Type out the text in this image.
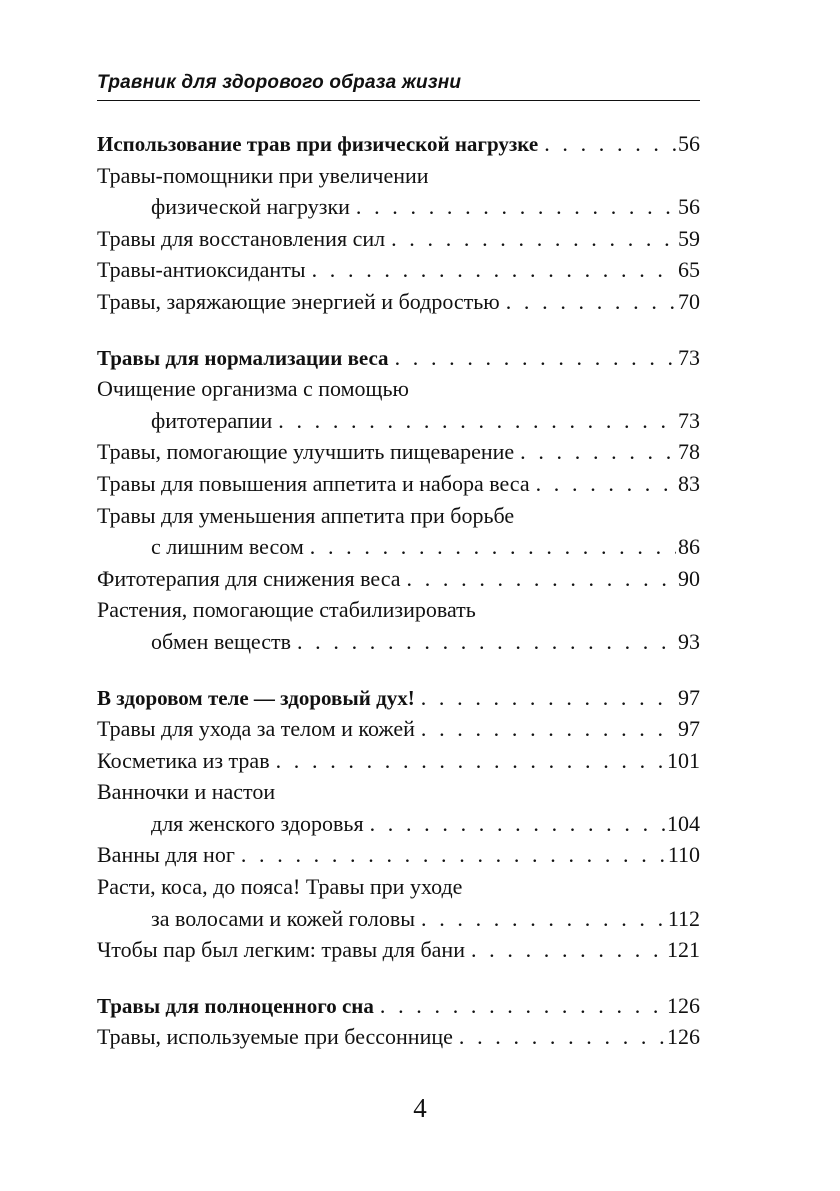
Травник для здорового образа жизни
Использование трав при физической нагрузке . . .	56
Травы-помощники при увеличении
физической нагрузки . . .	56
Травы для восстановления сил . . .	59
Травы-антиоксиданты . . .	65
Травы, заряжающие энергией и бодростью . . .	70
Травы для нормализации веса . . .	73
Очищение организма с помощью
фитотерапии . . .	73
Травы, помогающие улучшить пищеварение . . .	78
Травы для повышения аппетита и набора веса . . .	83
Травы для уменьшения аппетита при борьбе
с лишним весом . . .	86
Фитотерапия для снижения веса . . .	90
Растения, помогающие стабилизировать
обмен веществ . . .	93
В здоровом теле — здоровый дух! . . .	97
Травы для ухода за телом и кожей . . .	97
Косметика из трав . . .	101
Ванночки и настои
для женского здоровья . . .	104
Ванны для ног . . .	110
Расти, коса, до пояса! Травы при уходе
за волосами и кожей головы . . .	112
Чтобы пар был легким: травы для бани . . .	121
Травы для полноценного сна . . .	126
Травы, используемые при бессоннице . . .	126
4
